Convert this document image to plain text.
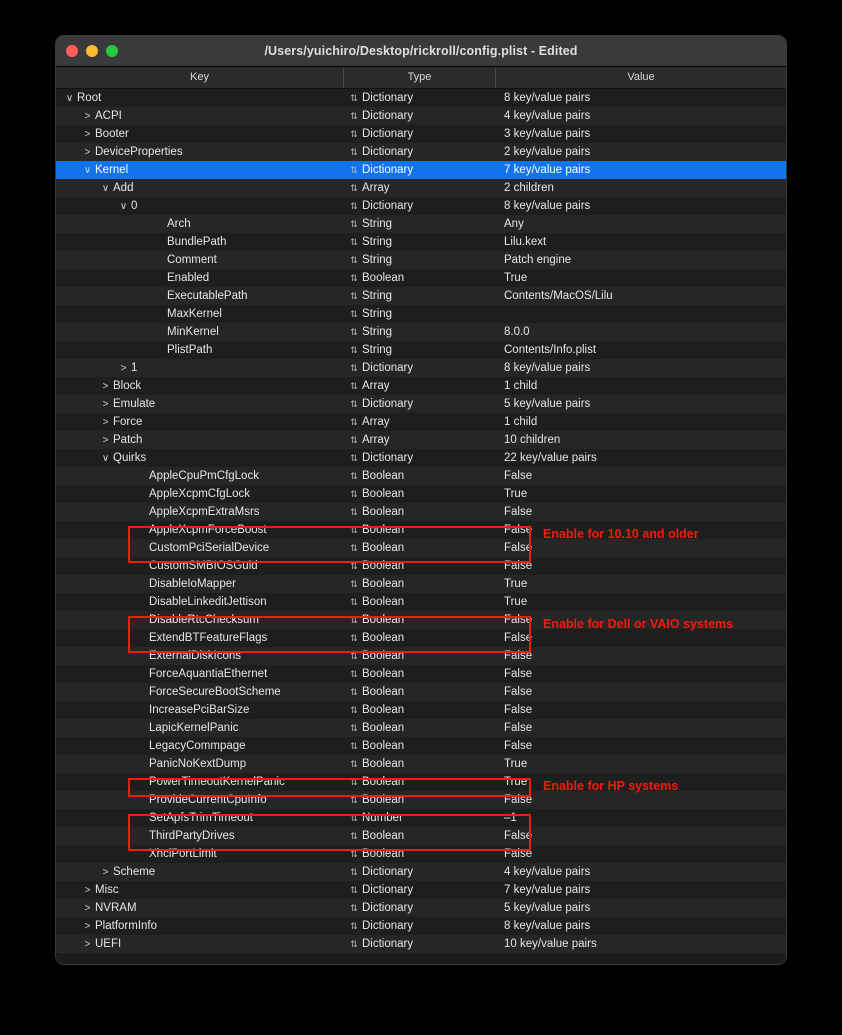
/Users/yuichiro/Desktop/rickroll/config.plist - Edited
Key	Type	Value
∨ Root	⇅ Dictionary	8 key/value pairs
> ACPI	⇅ Dictionary	4 key/value pairs
> Booter	⇅ Dictionary	3 key/value pairs
> DeviceProperties	⇅ Dictionary	2 key/value pairs
∨ Kernel	⇅ Dictionary	7 key/value pairs
∨ Add	⇅ Array	2 children
∨ 0	⇅ Dictionary	8 key/value pairs
Arch	⇅ String	Any
BundlePath	⇅ String	Lilu.kext
Comment	⇅ String	Patch engine
Enabled	⇅ Boolean	True
ExecutablePath	⇅ String	Contents/MacOS/Lilu
MaxKernel	⇅ String
MinKernel	⇅ String	8.0.0
PlistPath	⇅ String	Contents/Info.plist
> 1	⇅ Dictionary	8 key/value pairs
> Block	⇅ Array	1 child
> Emulate	⇅ Dictionary	5 key/value pairs
> Force	⇅ Array	1 child
> Patch	⇅ Array	10 children
∨ Quirks	⇅ Dictionary	22 key/value pairs
AppleCpuPmCfgLock	⇅ Boolean	False
AppleXcpmCfgLock	⇅ Boolean	True
AppleXcpmExtraMsrs	⇅ Boolean	False
AppleXcpmForceBoost	⇅ Boolean	False
CustomPciSerialDevice	⇅ Boolean	False
CustomSMBIOSGuid	⇅ Boolean	False
DisableIoMapper	⇅ Boolean	True
DisableLinkeditJettison	⇅ Boolean	True
DisableRtcChecksum	⇅ Boolean	False
ExtendBTFeatureFlags	⇅ Boolean	False
ExternalDiskIcons	⇅ Boolean	False
ForceAquantiaEthernet	⇅ Boolean	False
ForceSecureBootScheme	⇅ Boolean	False
IncreasePciBarSize	⇅ Boolean	False
LapicKernelPanic	⇅ Boolean	False
LegacyCommpage	⇅ Boolean	False
PanicNoKextDump	⇅ Boolean	True
PowerTimeoutKernelPanic	⇅ Boolean	True
ProvideCurrentCpuInfo	⇅ Boolean	False
SetApfsTrimTimeout	⇅ Number	–1
ThirdPartyDrives	⇅ Boolean	False
XhciPortLimit	⇅ Boolean	False
> Scheme	⇅ Dictionary	4 key/value pairs
> Misc	⇅ Dictionary	7 key/value pairs
> NVRAM	⇅ Dictionary	5 key/value pairs
> PlatformInfo	⇅ Dictionary	8 key/value pairs
> UEFI	⇅ Dictionary	10 key/value pairs
Enable for 10.10 and older
Enable for Dell or VAIO systems
Enable for HP systems
